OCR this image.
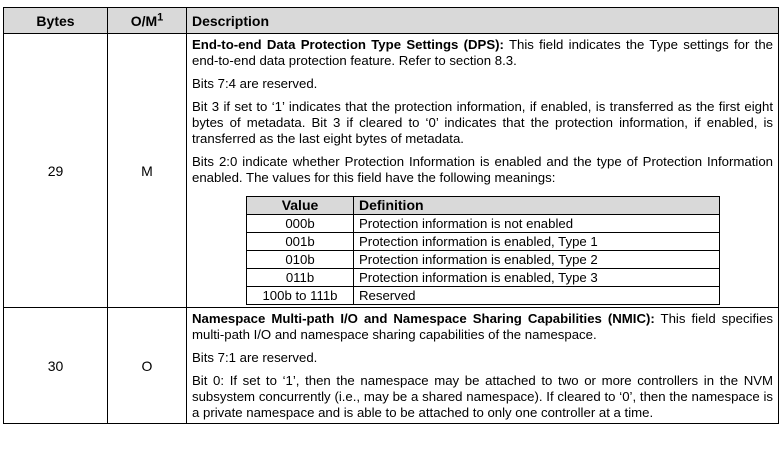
Bytes	$O/M^1$	Description
29	M	

End-to-end Data Protection Type Settings (DPS): This field indicates the Type settings for the end-to-end data protection feature. Refer to section 8.3.

Bits 7:4 are reserved.

Bit 3 if set to ‘1’ indicates that the protection information, if enabled, is transferred as the first eight bytes of metadata. Bit 3 if cleared to ‘0’ indicates that the protection information, if enabled, is transferred as the last eight bytes of metadata.

Bits 2:0 indicate whether Protection Information is enabled and the type of Protection Information enabled. The values for this field have the following meanings:

Value	Definition
000b	Protection information is not enabled
001b	Protection information is enabled, Type 1
010b	Protection information is enabled, Type 2
011b	Protection information is enabled, Type 3
100b to 111b	Reserved

30	O	

Namespace Multi-path I/O and Namespace Sharing Capabilities (NMIC): This field specifies multi-path I/O and namespace sharing capabilities of the namespace.

Bits 7:1 are reserved.

Bit 0: If set to ‘1’, then the namespace may be attached to two or more controllers in the NVM subsystem concurrently (i.e., may be a shared namespace). If cleared to ‘0’, then the namespace is a private namespace and is able to be attached to only one controller at a time.
